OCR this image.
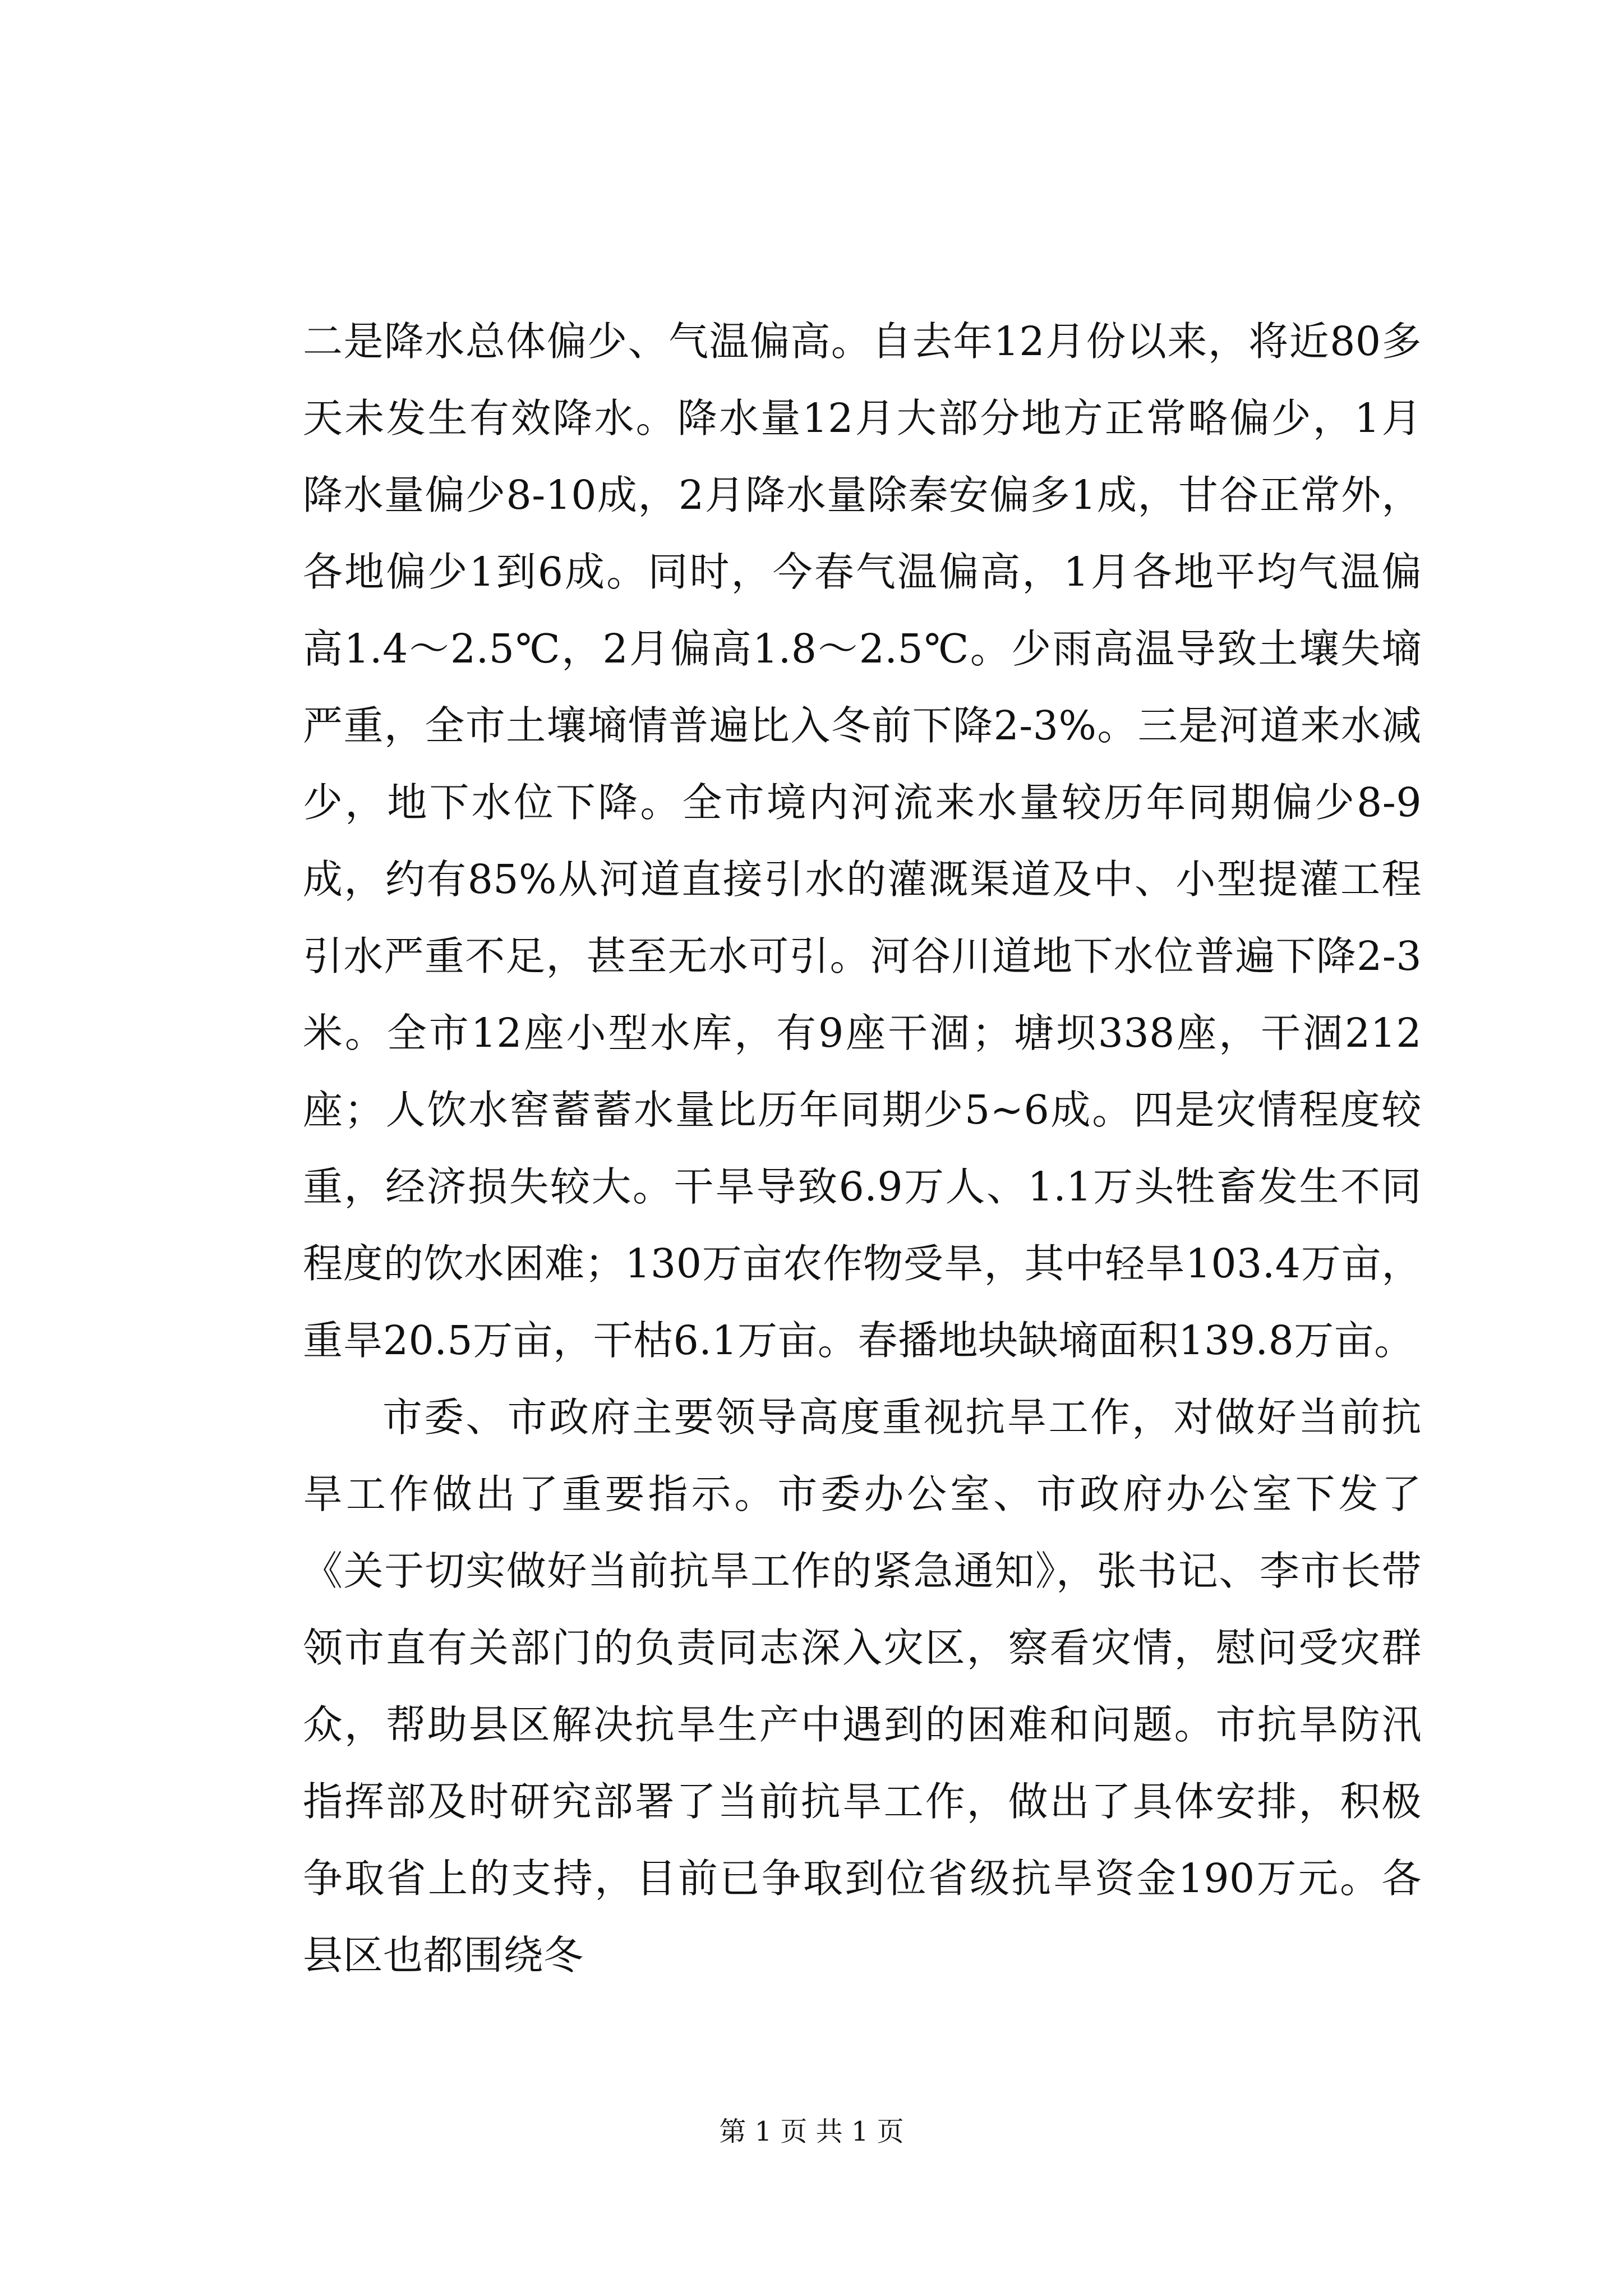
二是降水总体偏少、气温偏高。自去年12月份以来，将近80多天未发生有效降水。降水量12月大部分地方正常略偏少，1月降水量偏少8-10成，2月降水量除秦安偏多1成，甘谷正常外，各地偏少1到6成。同时，今春气温偏高，1月各地平均气温偏高1.4～2.5℃，2月偏高1.8～2.5℃。少雨高温导致土壤失墒严重，全市土壤墒情普遍比入冬前下降2-3%。三是河道来水减少，地下水位下降。全市境内河流来水量较历年同期偏少8-9成，约有85%从河道直接引水的灌溉渠道及中、小型提灌工程引水严重不足，甚至无水可引。河谷川道地下水位普遍下降2-3米。全市12座小型水库，有9座干涸；塘坝338座，干涸212座；人饮水窖蓄蓄水量比历年同期少5~6成。四是灾情程度较重，经济损失较大。干旱导致6.9万人、1.1万头牲畜发生不同程度的饮水困难；130万亩农作物受旱，其中轻旱103.4万亩，重旱20.5万亩，干枯6.1万亩。春播地块缺墒面积139.8万亩。

市委、市政府主要领导高度重视抗旱工作，对做好当前抗旱工作做出了重要指示。市委办公室、市政府办公室下发了《关于切实做好当前抗旱工作的紧急通知》，张书记、李市长带领市直有关部门的负责同志深入灾区，察看灾情，慰问受灾群众，帮助县区解决抗旱生产中遇到的困难和问题。市抗旱防汛指挥部及时研究部署了当前抗旱工作，做出了具体安排，积极争取省上的支持，目前已争取到位省级抗旱资金190万元。各县区也都围绕冬

第 1 页 共 1 页
